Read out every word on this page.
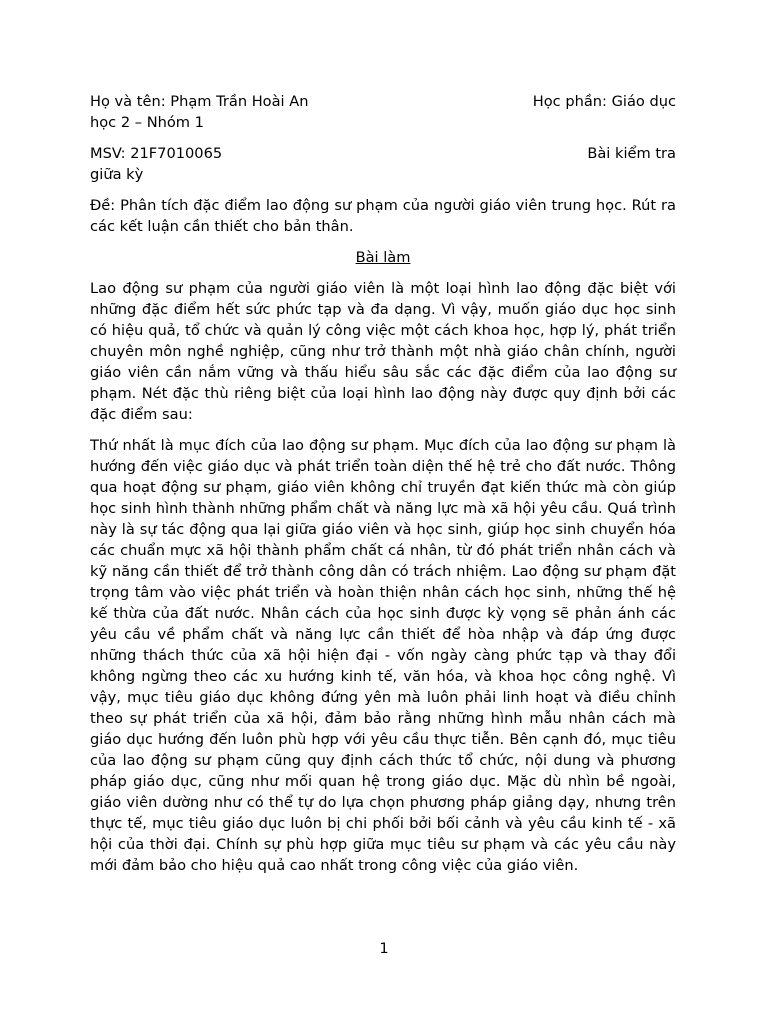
Họ và tên: Phạm Trần Hoài An	Học phần: Giáo dục
học 2 – Nhóm 1
MSV: 21F7010065	Bài kiểm tra
giữa kỳ
Đề: Phân tích đặc điểm lao động sư phạm của người giáo viên trung học. Rút ra các kết luận cần thiết cho bản thân.
Bài làm
Lao động sư phạm của người giáo viên là một loại hình lao động đặc biệt với những đặc điểm hết sức phức tạp và đa dạng. Vì vậy, muốn giáo dục học sinh có hiệu quả, tổ chức và quản lý công việc một cách khoa học, hợp lý, phát triển chuyên môn nghề nghiệp, cũng như trở thành một nhà giáo chân chính, người giáo viên cần nắm vững và thấu hiểu sâu sắc các đặc điểm của lao động sư phạm. Nét đặc thù riêng biệt của loại hình lao động này được quy định bởi các đặc điểm sau:
Thứ nhất là mục đích của lao động sư phạm. Mục đích của lao động sư phạm là hướng đến việc giáo dục và phát triển toàn diện thế hệ trẻ cho đất nước. Thông qua hoạt động sư phạm, giáo viên không chỉ truyền đạt kiến thức mà còn giúp học sinh hình thành những phẩm chất và năng lực mà xã hội yêu cầu. Quá trình này là sự tác động qua lại giữa giáo viên và học sinh, giúp học sinh chuyển hóa các chuẩn mực xã hội thành phẩm chất cá nhân, từ đó phát triển nhân cách và kỹ năng cần thiết để trở thành công dân có trách nhiệm. Lao động sư phạm đặt trọng tâm vào việc phát triển và hoàn thiện nhân cách học sinh, những thế hệ kế thừa của đất nước. Nhân cách của học sinh được kỳ vọng sẽ phản ánh các yêu cầu về phẩm chất và năng lực cần thiết để hòa nhập và đáp ứng được những thách thức của xã hội hiện đại - vốn ngày càng phức tạp và thay đổi không ngừng theo các xu hướng kinh tế, văn hóa, và khoa học công nghệ. Vì vậy, mục tiêu giáo dục không đứng yên mà luôn phải linh hoạt và điều chỉnh theo sự phát triển của xã hội, đảm bảo rằng những hình mẫu nhân cách mà giáo dục hướng đến luôn phù hợp với yêu cầu thực tiễn. Bên cạnh đó, mục tiêu của lao động sư phạm cũng quy định cách thức tổ chức, nội dung và phương pháp giáo dục, cũng như mối quan hệ trong giáo dục. Mặc dù nhìn bề ngoài, giáo viên dường như có thể tự do lựa chọn phương pháp giảng dạy, nhưng trên thực tế, mục tiêu giáo dục luôn bị chi phối bởi bối cảnh và yêu cầu kinh tế - xã hội của thời đại. Chính sự phù hợp giữa mục tiêu sư phạm và các yêu cầu này mới đảm bảo cho hiệu quả cao nhất trong công việc của giáo viên.
1
